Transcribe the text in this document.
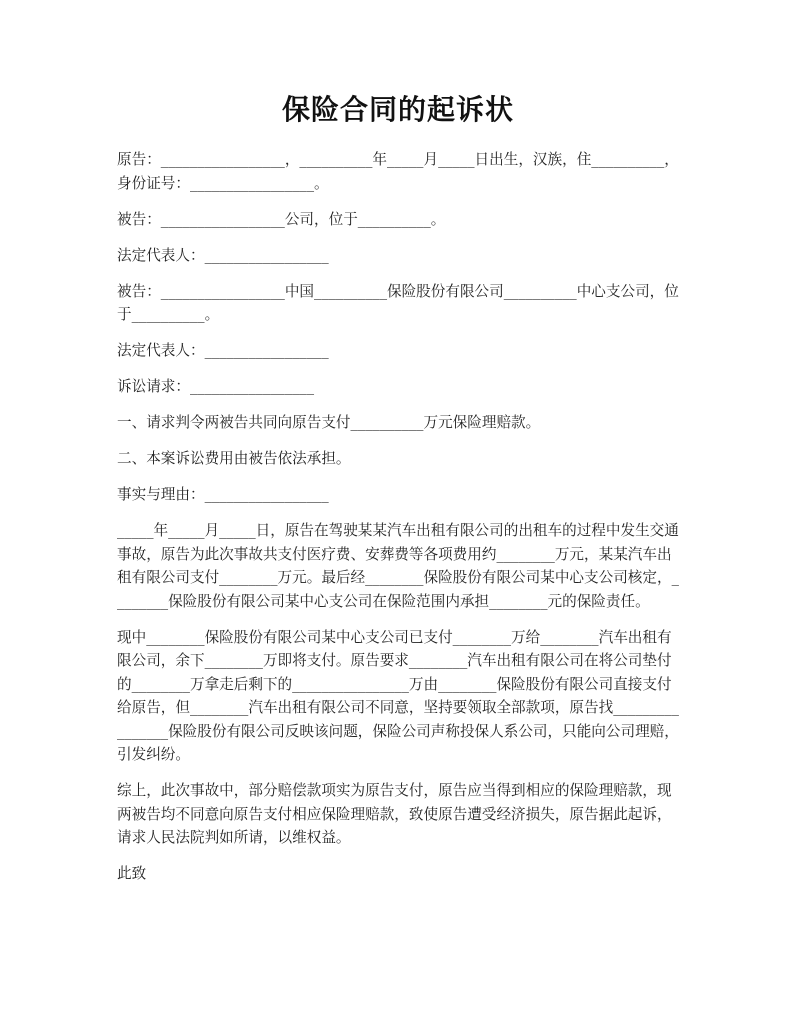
保险合同的起诉状

原告：_________________，__________年_____月_____日出生，汉族，住__________，身份证号：_________________。

被告：_________________公司，位于__________。

法定代表人：_________________

被告：_________________中国__________保险股份有限公司__________中心支公司，位于__________。

法定代表人：_________________

诉讼请求：_________________

一、请求判令两被告共同向原告支付__________万元保险理赔款。

二、本案诉讼费用由被告依法承担。

事实与理由：_________________

_____年_____月_____日，原告在驾驶某某汽车出租有限公司的出租车的过程中发生交通事故，原告为此次事故共支付医疗费、安葬费等各项费用约________万元，某某汽车出租有限公司支付________万元。最后经________保险股份有限公司某中心支公司核定，________保险股份有限公司某中心支公司在保险范围内承担________元的保险责任。

现中________保险股份有限公司某中心支公司已支付________万给________汽车出租有限公司，余下________万即将支付。原告要求________汽车出租有限公司在将公司垫付的________万拿走后剩下的________________万由________保险股份有限公司直接支付给原告，但________汽车出租有限公司不同意，坚持要领取全部款项，原告找________________保险股份有限公司反映该问题，保险公司声称投保人系公司，只能向公司理赔，引发纠纷。

综上，此次事故中，部分赔偿款项实为原告支付，原告应当得到相应的保险理赔款，现两被告均不同意向原告支付相应保险理赔款，致使原告遭受经济损失，原告据此起诉，请求人民法院判如所请，以维权益。

此致
